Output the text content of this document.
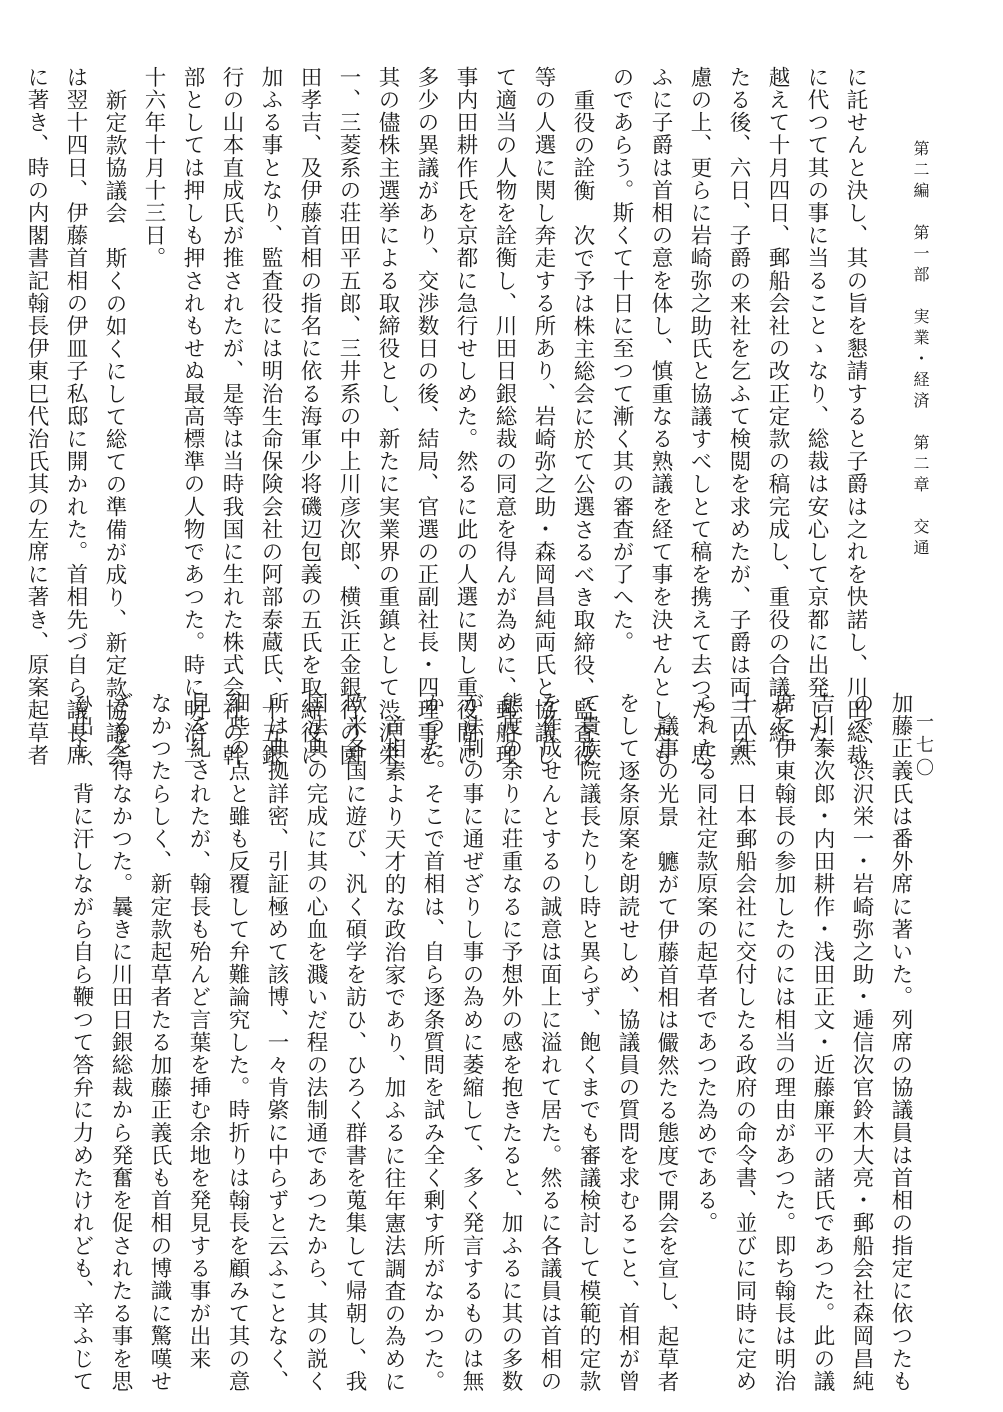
第二編　第一部　実業・経済　第二章　交通
一七〇
に託せんと決し、其の旨を懇請すると子爵は之れを快諾し、川田総裁
に代つて其の事に当ることゝなり、総裁は安心して京都に出発した。
越えて十月四日、郵船会社の改正定款の稿完成し、重役の合議を経
たる後、六日、子爵の来社を乞ふて検閲を求めたが、子爵は両三日熟
慮の上、更らに岩崎弥之助氏と協議すべしとて稿を携えて去つた。思
ふに子爵は首相の意を体し、慎重なる熟議を経て事を決せんとしたも
のであらう。斯くて十日に至つて漸く其の審査が了へた。
重役の詮衡　次で予は株主総会に於て公選さるべき取締役、監査役
等の人選に関し奔走する所あり、岩崎弥之助・森岡昌純両氏と協議し
て適当の人物を詮衡し、川田日銀総裁の同意を得んが為めに、郵船理
事内田耕作氏を京都に急行せしめた。然るに此の人選に関し重役間に
多少の異議があり、交渉数日の後、結局、官選の正副社長・四理事を
其の儘株主選挙による取締役とし、新たに実業界の重鎮として渋沢栄
一、三菱系の荘田平五郎、三井系の中上川彦次郎、横浜正金銀行の園
田孝吉、及伊藤首相の指名に依る海軍少将磯辺包義の五氏を取締役に
加ふる事となり、監査役には明治生命保険会社の阿部泰蔵氏、十五銀
行の山本直成氏が推されたが、是等は当時我国に生れた株式会社の幹
部としては押しも押されもせぬ最高標準の人物であつた。時に明治二
十六年十月十三日。
新定款協議会　斯くの如くにして総ての準備が成り、新定款協議会
は翌十四日、伊藤首相の伊皿子私邸に開かれた。首相先づ自ら議長席
に著き、時の内閣書記翰長伊東巳代治氏其の左席に著き、原案起草者
加藤正義氏は番外席に著いた。列席の協議員は首相の指定に依つたも
ので、渋沢栄一・岩崎弥之助・逓信次官鈴木大亮・郵船会社森岡昌純
吉川泰次郎・内田耕作・浅田正文・近藤廉平の諸氏であつた。此の議
席に伊東翰長の参加したのには相当の理由があつた。即ち翰長は明治
十八年、日本郵船会社に交付したる政府の命令書、並びに同時に定め
られたる同社定款原案の起草者であつた為めである。
議事の光景　軈がて伊藤首相は儼然たる態度で開会を宣し、起草者
をして逐条原案を朗読せしめ、協議員の質問を求むること、首相が曾
て貴族院議長たりし時と異らず、飽くまでも審議検討して模範的定款
を作成せんとするの誠意は面上に溢れて居た。然るに各議員は首相の
態度の余りに荘重なるに予想外の感を抱きたると、加ふるに其の多数
が法制の事に通ぜざりし事の為めに萎縮して、多く発言するものは無
かつた。そこで首相は、自ら逐条質問を試み全く剰す所がなかつた。
首相素より天才的な政治家であり、加ふるに往年憲法調査の為めに
欧米各国に遊び、汎く碩学を訪ひ、ひろく群書を蒐集して帰朝し、我
国法典の完成に其の心血を濺いだ程の法制通であつたから、其の説く
所は典拠詳密、引証極めて該博、一々肯綮に中らずと云ふことなく、
細些の点と雖も反覆して弁難論究した。時折りは翰長を顧みて其の意
見を糺されたが、翰長も殆んど言葉を挿む余地を発見する事が出来
なかつたらしく、新定款起草者たる加藤正義氏も首相の博識に驚嘆せ
ざるを得なかつた。曩きに川田日銀総裁から発奮を促されたる事を思
ひ出し、背に汗しながら自ら鞭つて答弁に力めたけれども、辛ふじて
